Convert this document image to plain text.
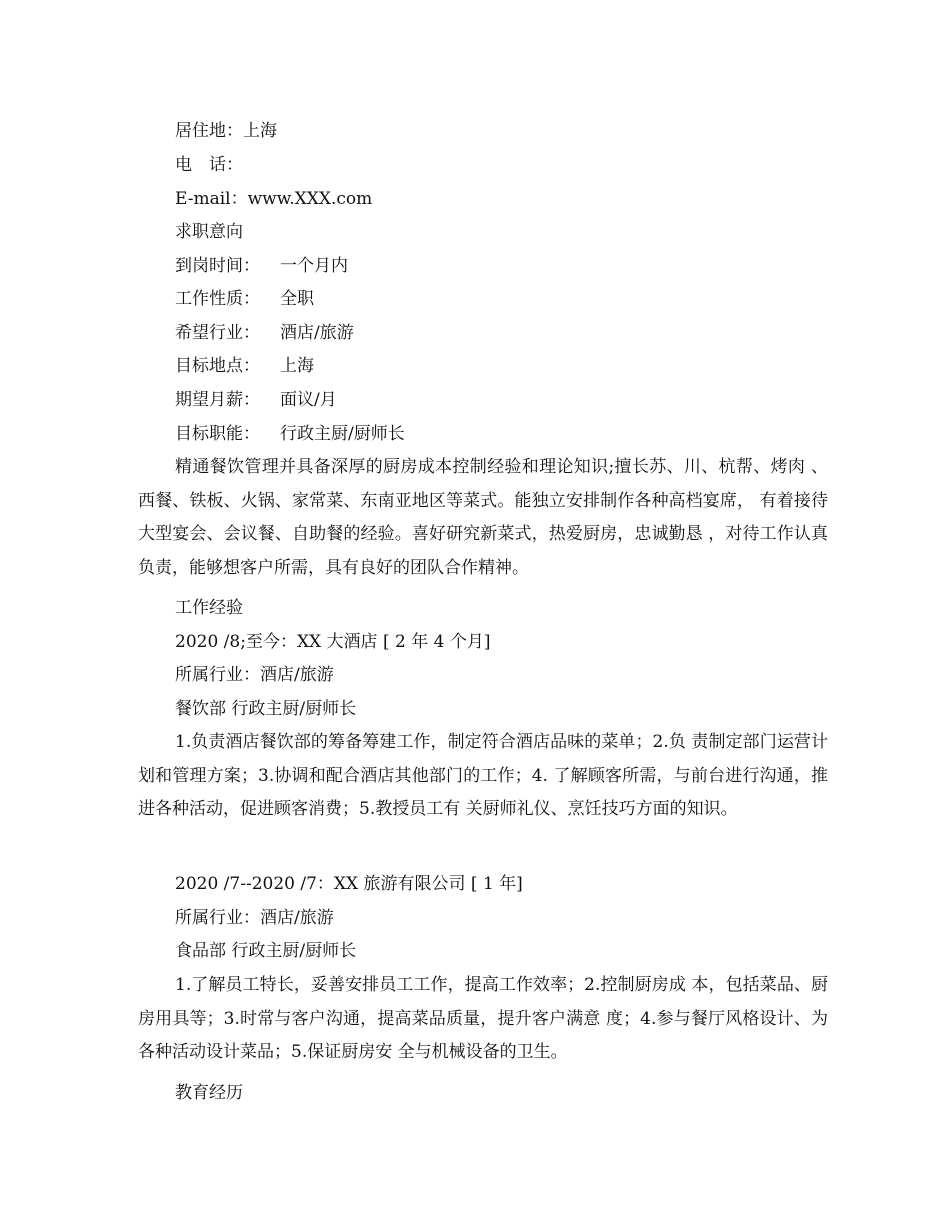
居住地：上海
电　话：
E-mail：www.XXX.com
求职意向
到岗时间： 一个月内
工作性质： 全职
希望行业： 酒店/旅游
目标地点： 上海
期望月薪： 面议/月
目标职能： 行政主厨/厨师长
精通餐饮管理并具备深厚的厨房成本控制经验和理论知识;擅长苏、川、杭帮、烤肉 、西餐、铁板、火锅、家常菜、东南亚地区等菜式。能独立安排制作各种高档宴席， 有着接待大型宴会、会议餐、自助餐的经验。喜好研究新菜式，热爱厨房，忠诚勤恳 ，对待工作认真负责，能够想客户所需，具有良好的团队合作精神。
工作经验
2020 /8;至今：XX 大酒店 [ 2 年 4 个月]
所属行业：酒店/旅游
餐饮部 行政主厨/厨师长
1.负责酒店餐饮部的筹备筹建工作，制定符合酒店品味的菜单；2.负 责制定部门运营计划和管理方案；3.协调和配合酒店其他部门的工作；4. 了解顾客所需，与前台进行沟通，推进各种活动，促进顾客消费；5.教授员工有 关厨师礼仪、烹饪技巧方面的知识。
2020 /7--2020 /7：XX 旅游有限公司 [ 1 年]
所属行业：酒店/旅游
食品部 行政主厨/厨师长
1.了解员工特长，妥善安排员工工作，提高工作效率；2.控制厨房成 本，包括菜品、厨房用具等；3.时常与客户沟通，提高菜品质量，提升客户满意 度；4.参与餐厅风格设计、为各种活动设计菜品；5.保证厨房安 全与机械设备的卫生。
教育经历
